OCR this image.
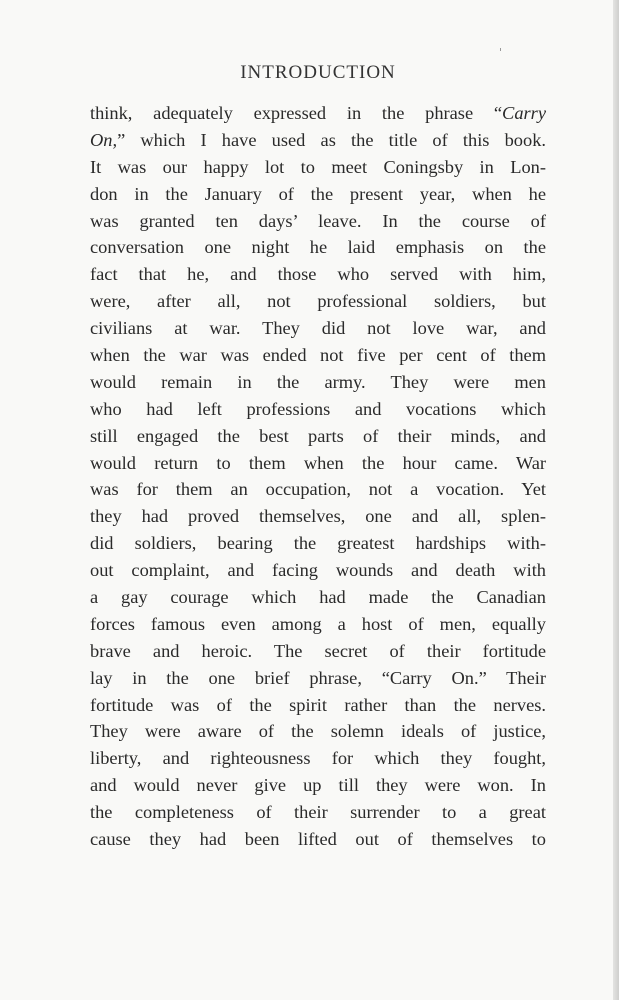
INTRODUCTION
think, adequately expressed in the phrase “Carry
On,” which I have used as the title of this book.
It was our happy lot to meet Coningsby in Lon-
don in the January of the present year, when he
was granted ten days’ leave. In the course of
conversation one night he laid emphasis on the
fact that he, and those who served with him,
were, after all, not professional soldiers, but
civilians at war. They did not love war, and
when the war was ended not five per cent of them
would remain in the army. They were men
who had left professions and vocations which
still engaged the best parts of their minds, and
would return to them when the hour came. War
was for them an occupation, not a vocation. Yet
they had proved themselves, one and all, splen-
did soldiers, bearing the greatest hardships with-
out complaint, and facing wounds and death with
a gay courage which had made the Canadian
forces famous even among a host of men, equally
brave and heroic. The secret of their fortitude
lay in the one brief phrase, “Carry On.” Their
fortitude was of the spirit rather than the nerves.
They were aware of the solemn ideals of justice,
liberty, and righteousness for which they fought,
and would never give up till they were won. In
the completeness of their surrender to a great
cause they had been lifted out of themselves to
